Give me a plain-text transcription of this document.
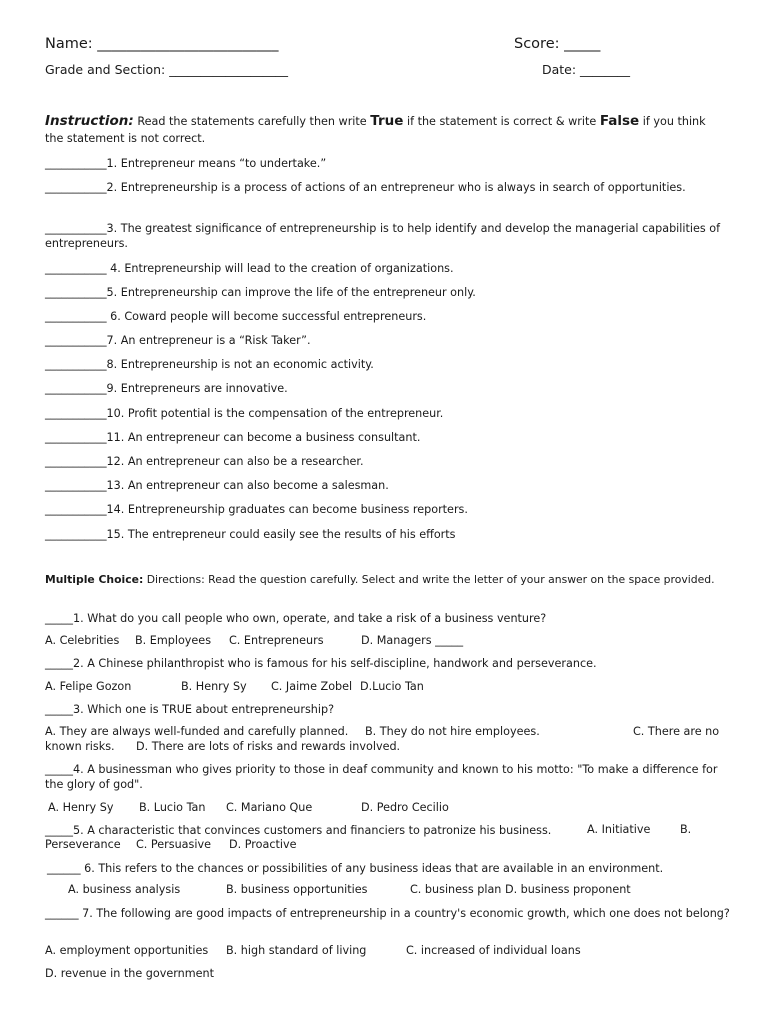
Name: _________________________	Score: _____
Grade and Section: ___________________	Date: ________
Instruction: Read the statements carefully then write True if the statement is correct & write False if you think the statement is not correct.
___________1. Entrepreneur means “to undertake.”
___________2. Entrepreneurship is a process of actions of an entrepreneur who is always in search of opportunities.
___________3. The greatest significance of entrepreneurship is to help identify and develop the managerial capabilities of entrepreneurs.
___________ 4. Entrepreneurship will lead to the creation of organizations.
___________5. Entrepreneurship can improve the life of the entrepreneur only.
___________ 6. Coward people will become successful entrepreneurs.
___________7. An entrepreneur is a “Risk Taker”.
___________8. Entrepreneurship is not an economic activity.
___________9. Entrepreneurs are innovative.
___________10. Profit potential is the compensation of the entrepreneur.
___________11. An entrepreneur can become a business consultant.
___________12. An entrepreneur can also be a researcher.
___________13. An entrepreneur can also become a salesman.
___________14. Entrepreneurship graduates can become business reporters.
___________15. The entrepreneur could easily see the results of his efforts
Multiple Choice: Directions: Read the question carefully. Select and write the letter of your answer on the space provided.
_____1. What do you call people who own, operate, and take a risk of a business venture?
A. Celebrities B. Employees C. Entrepreneurs	D. Managers _____
_____2. A Chinese philanthropist who is famous for his self-discipline, handwork and perseverance.
A. Felipe Gozon	B. Henry Sy C. Jaime Zobel D.Lucio Tan
_____3. Which one is TRUE about entrepreneurship?
A. They are always well-funded and carefully planned. B. They do not hire employees.	C. There are no
known risks. D. There are lots of risks and rewards involved.
_____4. A businessman who gives priority to those in deaf community and known to his motto: "To make a difference for the glory of god".
A. Henry Sy B. Lucio Tan C. Mariano Que	D. Pedro Cecilio
_____5. A characteristic that convinces customers and financiers to patronize his business.	A. Initiative	B.
Perseverance C. Persuasive D. Proactive
______ 6. This refers to the chances or possibilities of any business ideas that are available in an environment.
A. business analysis	B. business opportunities	C. business plan D. business proponent
______ 7. The following are good impacts of entrepreneurship in a country's economic growth, which one does not belong?
A. employment opportunities B. high standard of living	C. increased of individual loans
D. revenue in the government
